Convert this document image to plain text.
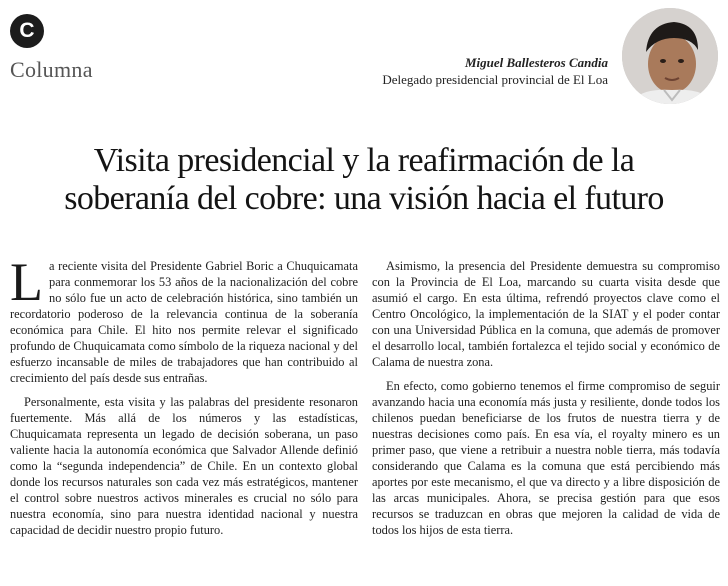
C
Columna	Miguel Ballesteros Candia
Delegado presidencial provincial de El Loa
Visita presidencial y la reafirmación de la
soberanía del cobre: una visión hacia el futuro

La reciente visita del Presidente Gabriel Boric a Chuquicamata para conmemorar los 53 años de la nacionalización del cobre no sólo fue un acto de celebración histórica, sino también un recordatorio poderoso de la relevancia continua de la soberanía económica para Chile. El hito nos permite relevar el significado profundo de Chuquicamata como símbolo de la riqueza nacional y del esfuerzo incansable de miles de trabajadores que han contribuido al crecimiento del país desde sus entrañas.

Personalmente, esta visita y las palabras del presidente resonaron fuertemente. Más allá de los números y las estadísticas, Chuquicamata representa un legado de decisión soberana, un paso valiente hacia la autonomía económica que Salvador Allende definió como la “segunda independencia” de Chile. En un contexto global donde los recursos naturales son cada vez más estratégicos, mantener el control sobre nuestros activos minerales es crucial no sólo para nuestra economía, sino para nuestra identidad nacional y nuestra capacidad de decidir nuestro propio futuro.

Asimismo, la presencia del Presidente demuestra su compromiso con la Provincia de El Loa, marcando su cuarta visita desde que asumió el cargo. En esta última, refrendó proyectos clave como el Centro Oncológico, la implementación de la SIAT y el poder contar con una Universidad Pública en la comuna, que además de promover el desarrollo local, también fortalezca el tejido social y económico de Calama de nuestra zona.

En efecto, como gobierno tenemos el firme compromiso de seguir avanzando hacia una economía más justa y resiliente, donde todos los chilenos puedan beneficiarse de los frutos de nuestra tierra y de nuestras decisiones como país. En esa vía, el royalty minero es un primer paso, que viene a retribuir a nuestra noble tierra, más todavía considerando que Calama es la comuna que está percibiendo más aportes por este mecanismo, el que va directo y a libre disposición de las arcas municipales. Ahora, se precisa gestión para que esos recursos se traduzcan en obras que mejoren la calidad de vida de todos los hijos de esta tierra.
